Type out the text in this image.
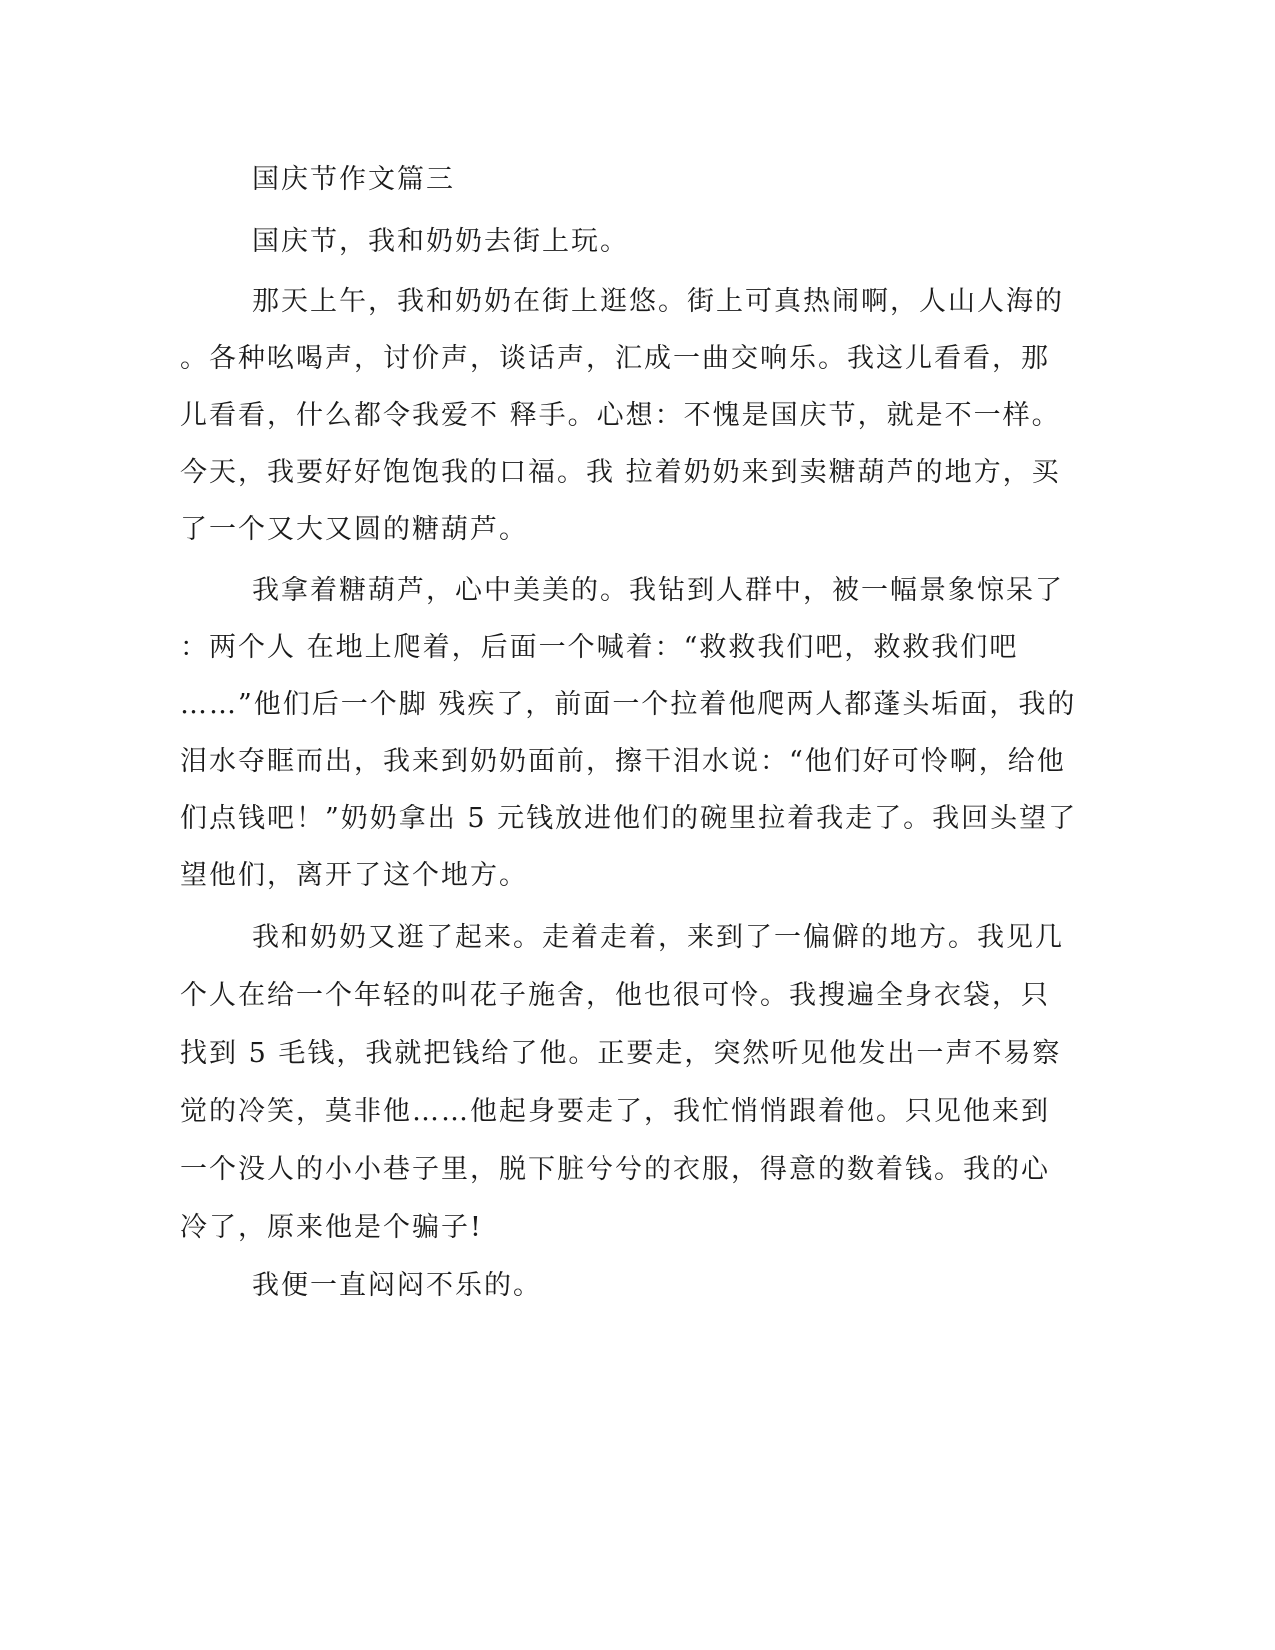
国庆节作文篇三

国庆节，我和奶奶去街上玩。

那天上午，我和奶奶在街上逛悠。街上可真热闹啊，人山人海的

。各种吆喝声，讨价声，谈话声，汇成一曲交响乐。我这儿看看，那

儿看看，什么都令我爱不 释手。心想：不愧是国庆节，就是不一样。

今天，我要好好饱饱我的口福。我 拉着奶奶来到卖糖葫芦的地方，买

了一个又大又圆的糖葫芦。

我拿着糖葫芦，心中美美的。我钻到人群中，被一幅景象惊呆了

：两个人 在地上爬着，后面一个喊着：“救救我们吧，救救我们吧

……”他们后一个脚 残疾了，前面一个拉着他爬两人都蓬头垢面，我的

泪水夺眶而出，我来到奶奶面前，擦干泪水说：“他们好可怜啊，给他

们点钱吧！”奶奶拿出 5 元钱放进他们的碗里拉着我走了。我回头望了

望他们，离开了这个地方。

我和奶奶又逛了起来。走着走着，来到了一偏僻的地方。我见几

个人在给一个年轻的叫花子施舍，他也很可怜。我搜遍全身衣袋，只

找到 5 毛钱，我就把钱给了他。正要走，突然听见他发出一声不易察

觉的冷笑，莫非他……他起身要走了，我忙悄悄跟着他。只见他来到

一个没人的小小巷子里，脱下脏兮兮的衣服，得意的数着钱。我的心

冷了，原来他是个骗子!

我便一直闷闷不乐的。
